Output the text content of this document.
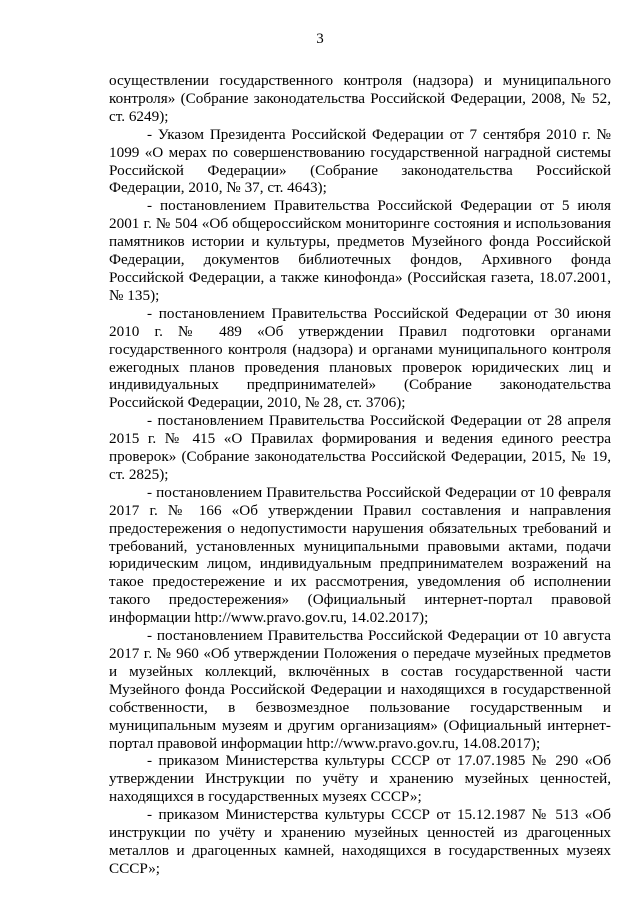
3

осуществлении государственного контроля (надзора) и муниципального контроля» (Собрание законодательства Российской Федерации, 2008, № 52, ст. 6249);

- Указом Президента Российской Федерации от 7 сентября 2010 г. № 1099 «О мерах по совершенствованию государственной наградной системы Российской Федерации» (Собрание законодательства Российской Федерации, 2010, № 37, ст. 4643);

- постановлением Правительства Российской Федерации от 5 июля 2001 г. № 504 «Об общероссийском мониторинге состояния и использования памятников истории и культуры, предметов Музейного фонда Российской Федерации, документов библиотечных фондов, Архивного фонда Российской Федерации, а также кинофонда» (Российская газета, 18.07.2001, № 135);

- постановлением Правительства Российской Федерации от 30 июня 2010 г. № 489 «Об утверждении Правил подготовки органами государственного контроля (надзора) и органами муниципального контроля ежегодных планов проведения плановых проверок юридических лиц и индивидуальных предпринимателей» (Собрание законодательства Российской Федерации, 2010, № 28, ст. 3706);

- постановлением Правительства Российской Федерации от 28 апреля 2015 г. № 415 «О Правилах формирования и ведения единого реестра проверок» (Собрание законодательства Российской Федерации, 2015, № 19, ст. 2825);

- постановлением Правительства Российской Федерации от 10 февраля 2017 г. № 166 «Об утверждении Правил составления и направления предостережения о недопустимости нарушения обязательных требований и требований, установленных муниципальными правовыми актами, подачи юридическим лицом, индивидуальным предпринимателем возражений на такое предостережение и их рассмотрения, уведомления об исполнении такого предостережения» (Официальный интернет-портал правовой информации http://www.pravo.gov.ru, 14.02.2017);

- постановлением Правительства Российской Федерации от 10 августа 2017 г. № 960 «Об утверждении Положения о передаче музейных предметов и музейных коллекций, включённых в состав государственной части Музейного фонда Российской Федерации и находящихся в государственной собственности, в безвозмездное пользование государственным и муниципальным музеям и другим организациям» (Официальный интернет-портал правовой информации http://www.pravo.gov.ru, 14.08.2017);

- приказом Министерства культуры СССР от 17.07.1985 № 290 «Об утверждении Инструкции по учёту и хранению музейных ценностей, находящихся в государственных музеях СССР»;

- приказом Министерства культуры СССР от 15.12.1987 № 513 «Об инструкции по учёту и хранению музейных ценностей из драгоценных металлов и драгоценных камней, находящихся в государственных музеях СССР»;
